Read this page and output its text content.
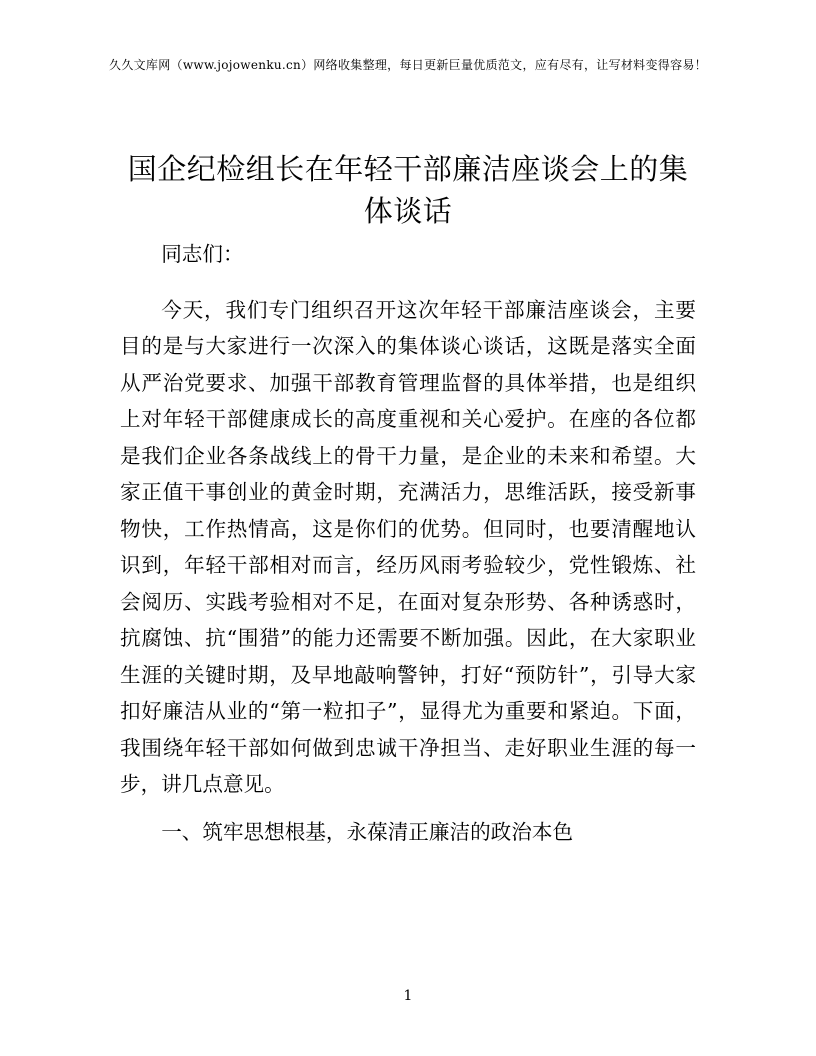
久久文库网（www.jojowenku.cn）网络收集整理，每日更新巨量优质范文，应有尽有，让写材料变得容易！
国企纪检组长在年轻干部廉洁座谈会上的集体谈话

同志们：

今天，我们专门组织召开这次年轻干部廉洁座谈会，主要目的是与大家进行一次深入的集体谈心谈话，这既是落实全面从严治党要求、加强干部教育管理监督的具体举措，也是组织上对年轻干部健康成长的高度重视和关心爱护。在座的各位都是我们企业各条战线上的骨干力量，是企业的未来和希望。大家正值干事创业的黄金时期，充满活力，思维活跃，接受新事物快，工作热情高，这是你们的优势。但同时，也要清醒地认识到，年轻干部相对而言，经历风雨考验较少，党性锻炼、社会阅历、实践考验相对不足，在面对复杂形势、各种诱惑时，抗腐蚀、抗“围猎”的能力还需要不断加强。因此，在大家职业生涯的关键时期，及早地敲响警钟，打好“预防针”，引导大家扣好廉洁从业的“第一粒扣子”，显得尤为重要和紧迫。下面，我围绕年轻干部如何做到忠诚干净担当、走好职业生涯的每一步，讲几点意见。

一、筑牢思想根基，永葆清正廉洁的政治本色

1
